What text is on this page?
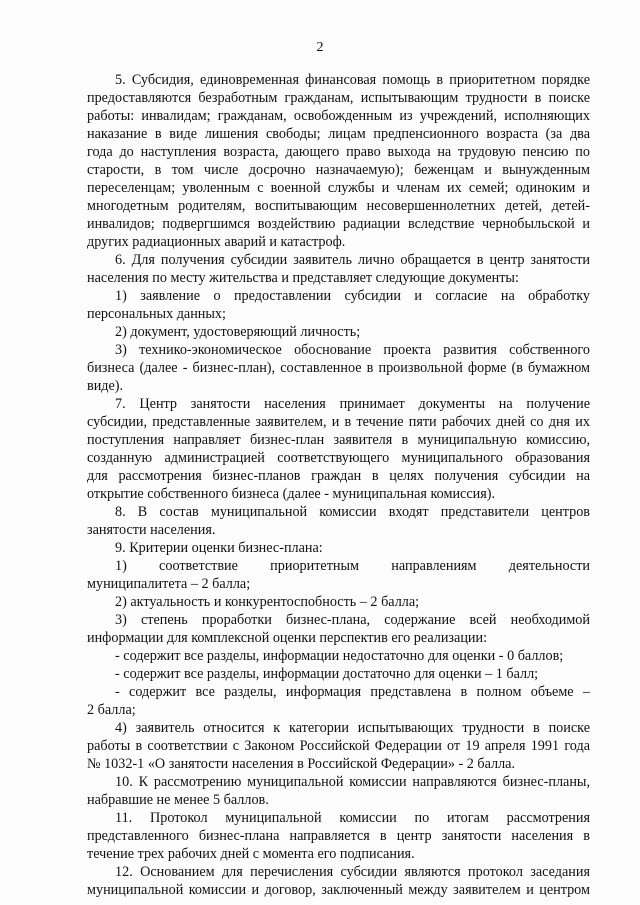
2
5. Субсидия, единовременная финансовая помощь в приоритетном порядке
предоставляются безработным гражданам, испытывающим трудности в поиске
работы: инвалидам; гражданам, освобожденным из учреждений, исполняющих
наказание в виде лишения свободы; лицам предпенсионного возраста (за два
года до наступления возраста, дающего право выхода на трудовую пенсию по
старости, в том числе досрочно назначаемую); беженцам и вынужденным
переселенцам; уволенным с военной службы и членам их семей; одиноким и
многодетным родителям, воспитывающим несовершеннолетних детей, детей-
инвалидов; подвергшимся воздействию радиации вследствие чернобыльской и
других радиационных аварий и катастроф.
6. Для получения субсидии заявитель лично обращается в центр занятости
населения по месту жительства и представляет следующие документы:
1) заявление о предоставлении субсидии и согласие на обработку
персональных данных;
2) документ, удостоверяющий личность;
3) технико-экономическое обоснование проекта развития собственного
бизнеса (далее - бизнес-план), составленное в произвольной форме (в бумажном
виде).
7. Центр занятости населения принимает документы на получение
субсидии, представленные заявителем, и в течение пяти рабочих дней со дня их
поступления направляет бизнес-план заявителя в муниципальную комиссию,
созданную администрацией соответствующего муниципального образования
для рассмотрения бизнес-планов граждан в целях получения субсидии на
открытие собственного бизнеса (далее - муниципальная комиссия).
8. В состав муниципальной комиссии входят представители центров
занятости населения.
9. Критерии оценки бизнес-плана:
1) соответствие приоритетным направлениям деятельности
муниципалитета – 2 балла;
2) актуальность и конкурентоспобность – 2 балла;
3) степень проработки бизнес-плана, содержание всей необходимой
информации для комплексной оценки перспектив его реализации:
- содержит все разделы, информации недостаточно для оценки - 0 баллов;
- содержит все разделы, информации достаточно для оценки – 1 балл;
- содержит все разделы, информация представлена в полном объеме –
2 балла;
4) заявитель относится к категории испытывающих трудности в поиске
работы в соответствии с Законом Российской Федерации от 19 апреля 1991 года
№ 1032-1 «О занятости населения в Российской Федерации» - 2 балла.
10. К рассмотрению муниципальной комиссии направляются бизнес-планы,
набравшие не менее 5 баллов.
11. Протокол муниципальной комиссии по итогам рассмотрения
представленного бизнес-плана направляется в центр занятости населения в
течение трех рабочих дней с момента его подписания.
12. Основанием для перечисления субсидии являются протокол заседания
муниципальной комиссии и договор, заключенный между заявителем и центром
